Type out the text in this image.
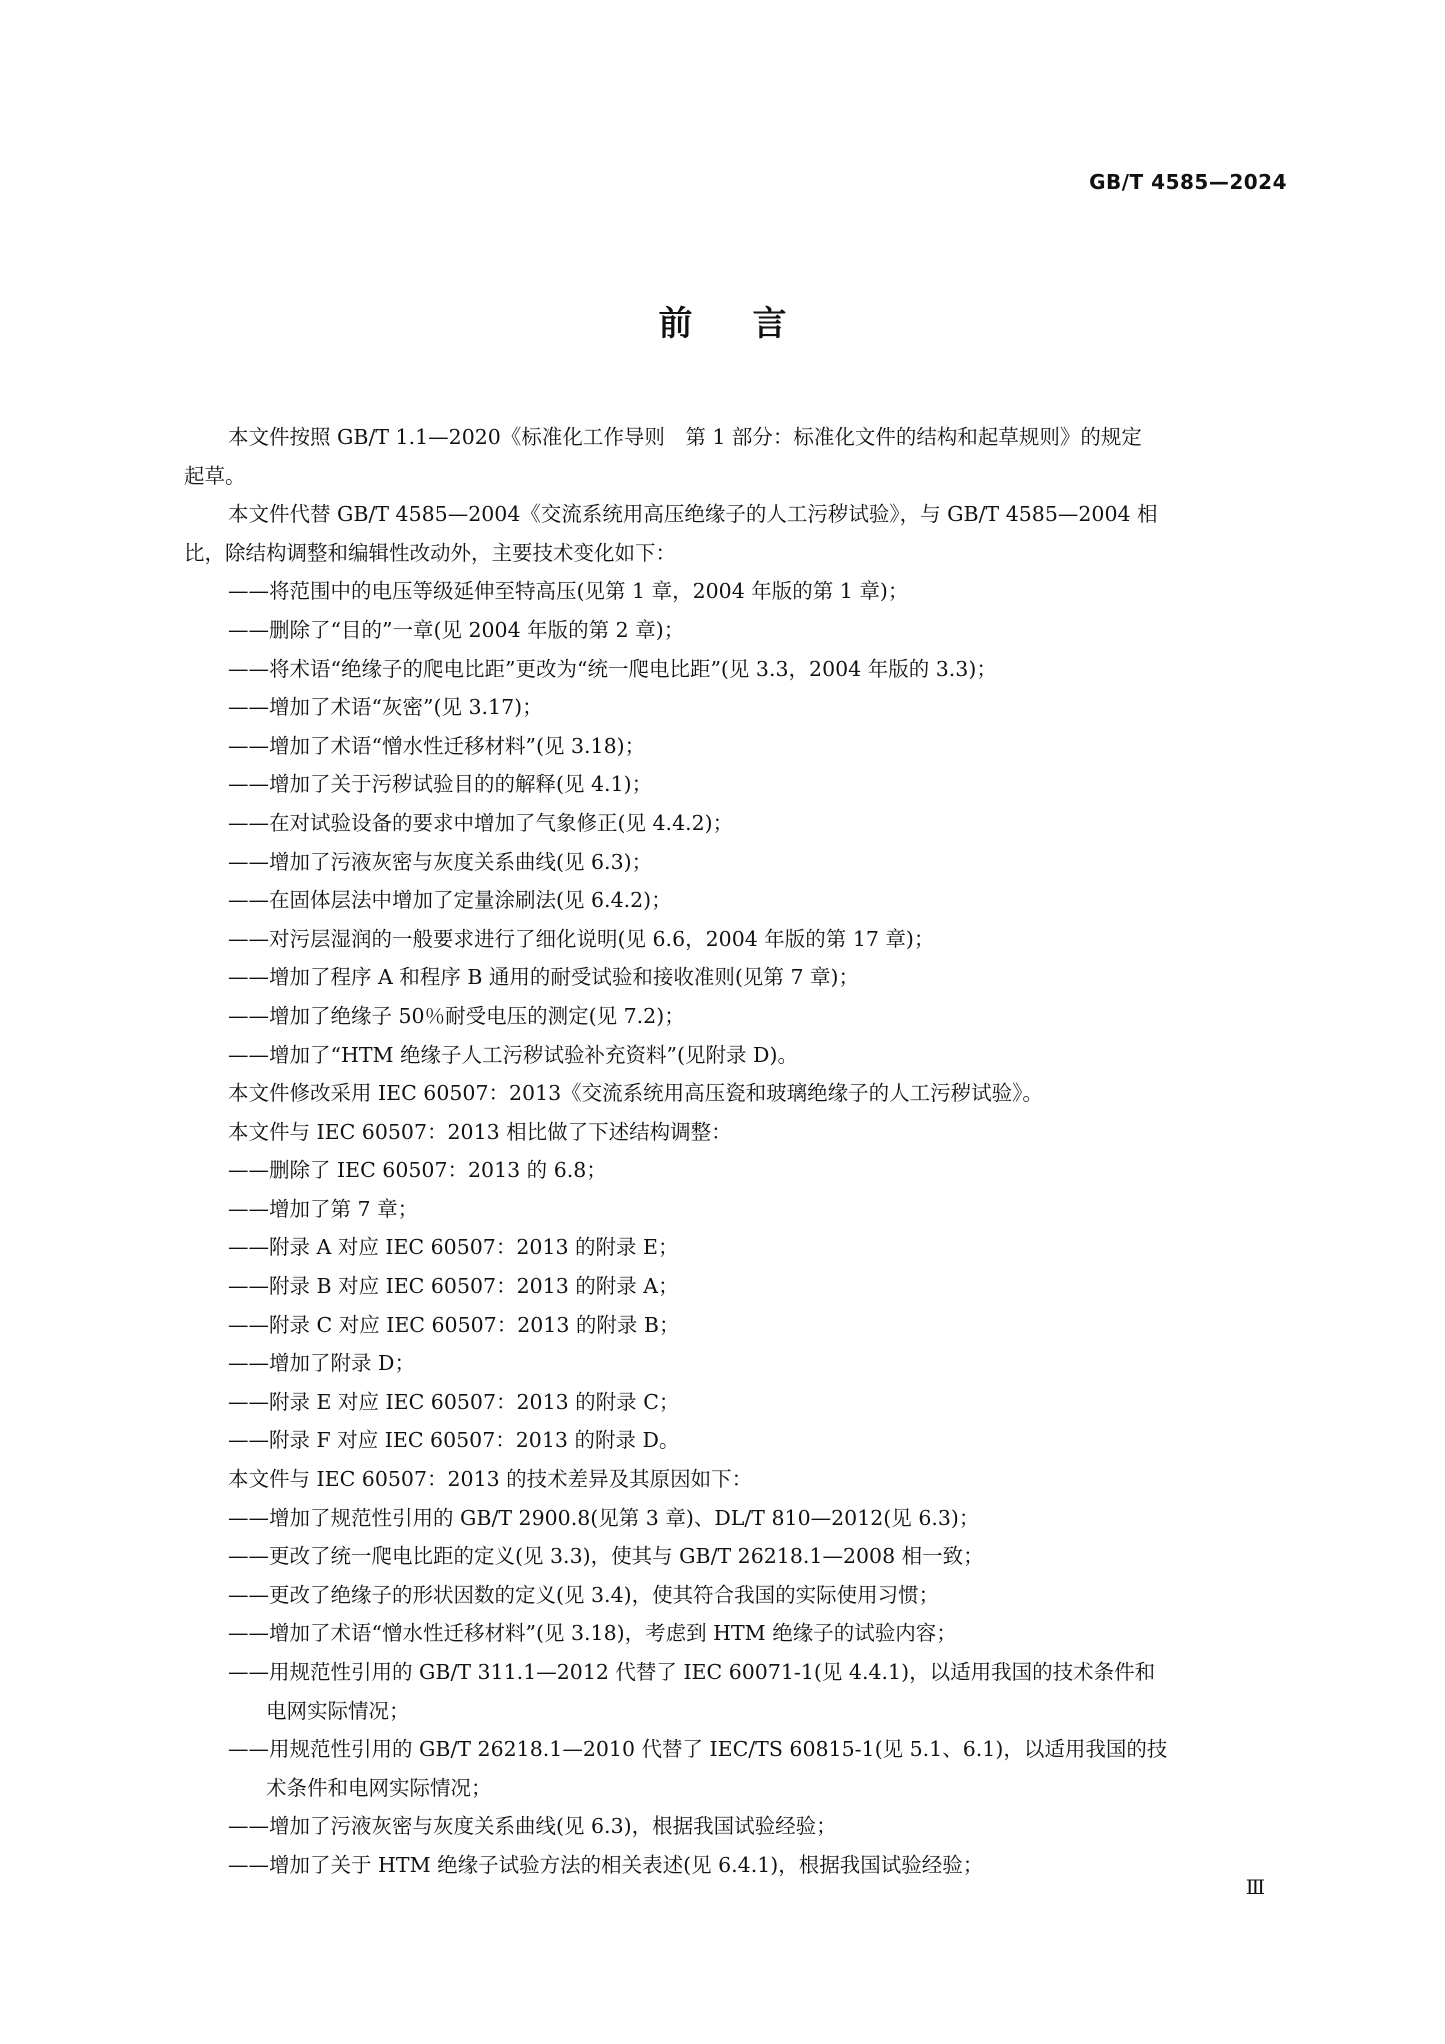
GB/T 4585—2024
前言
本文件按照 GB/T 1.1—2020《标准化工作导则　第 1 部分：标准化文件的结构和起草规则》的规定
起草。
本文件代替 GB/T 4585—2004《交流系统用高压绝缘子的人工污秽试验》，与 GB/T 4585—2004 相
比，除结构调整和编辑性改动外，主要技术变化如下：
——将范围中的电压等级延伸至特高压(见第 1 章，2004 年版的第 1 章)；
——删除了“目的”一章(见 2004 年版的第 2 章)；
——将术语“绝缘子的爬电比距”更改为“统一爬电比距”(见 3.3，2004 年版的 3.3)；
——增加了术语“灰密”(见 3.17)；
——增加了术语“憎水性迁移材料”(见 3.18)；
——增加了关于污秽试验目的的解释(见 4.1)；
——在对试验设备的要求中增加了气象修正(见 4.4.2)；
——增加了污液灰密与灰度关系曲线(见 6.3)；
——在固体层法中增加了定量涂刷法(见 6.4.2)；
——对污层湿润的一般要求进行了细化说明(见 6.6，2004 年版的第 17 章)；
——增加了程序 A 和程序 B 通用的耐受试验和接收准则(见第 7 章)；
——增加了绝缘子 50％耐受电压的测定(见 7.2)；
——增加了“HTM 绝缘子人工污秽试验补充资料”(见附录 D)。
本文件修改采用 IEC 60507：2013《交流系统用高压瓷和玻璃绝缘子的人工污秽试验》。
本文件与 IEC 60507：2013 相比做了下述结构调整：
——删除了 IEC 60507：2013 的 6.8；
——增加了第 7 章；
——附录 A 对应 IEC 60507：2013 的附录 E；
——附录 B 对应 IEC 60507：2013 的附录 A；
——附录 C 对应 IEC 60507：2013 的附录 B；
——增加了附录 D；
——附录 E 对应 IEC 60507：2013 的附录 C；
——附录 F 对应 IEC 60507：2013 的附录 D。
本文件与 IEC 60507：2013 的技术差异及其原因如下：
——增加了规范性引用的 GB/T 2900.8(见第 3 章)、DL/T 810—2012(见 6.3)；
——更改了统一爬电比距的定义(见 3.3)，使其与 GB/T 26218.1—2008 相一致；
——更改了绝缘子的形状因数的定义(见 3.4)，使其符合我国的实际使用习惯；
——增加了术语“憎水性迁移材料”(见 3.18)，考虑到 HTM 绝缘子的试验内容；
——用规范性引用的 GB/T 311.1—2012 代替了 IEC 60071-1(见 4.4.1)，以适用我国的技术条件和
电网实际情况；
——用规范性引用的 GB/T 26218.1—2010 代替了 IEC/TS 60815-1(见 5.1、6.1)，以适用我国的技
术条件和电网实际情况；
——增加了污液灰密与灰度关系曲线(见 6.3)，根据我国试验经验；
——增加了关于 HTM 绝缘子试验方法的相关表述(见 6.4.1)，根据我国试验经验；
Ⅲ
